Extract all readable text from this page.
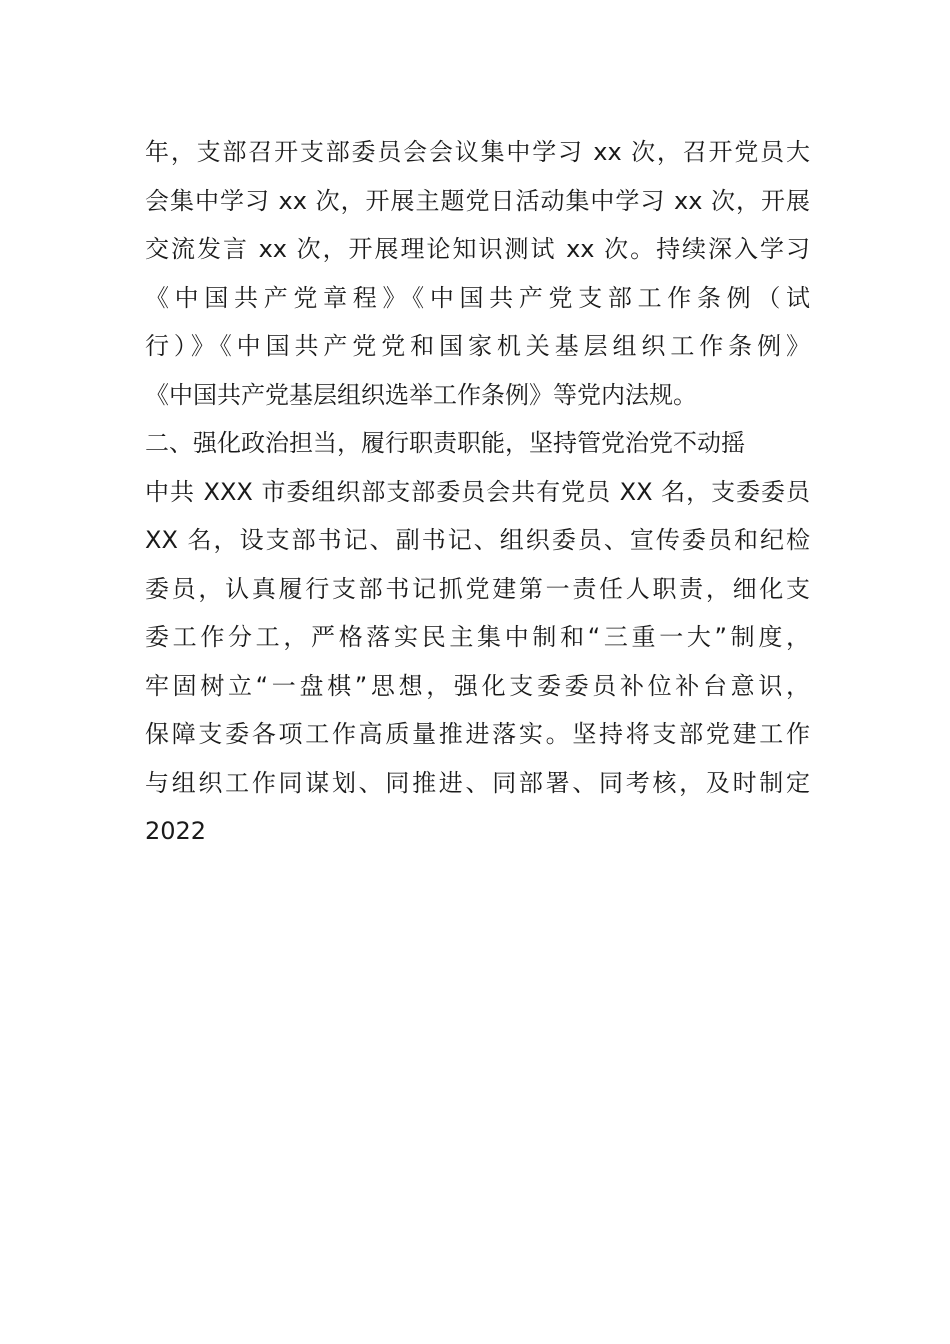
年，支部召开支部委员会会议集中学习 xx 次，召开党员大
会集中学习 xx 次，开展主题党日活动集中学习 xx 次，开展
交流发言 xx 次，开展理论知识测试 xx 次。持续深入学习
《中国共产党章程》《中国共产党支部工作条例（试
行）》《中国共产党党和国家机关基层组织工作条例》
《中国共产党基层组织选举工作条例》等党内法规。
二、强化政治担当，履行职责职能，坚持管党治党不动摇
中共 XXX 市委组织部支部委员会共有党员 XX 名，支委委员
XX 名，设支部书记、副书记、组织委员、宣传委员和纪检
委员，认真履行支部书记抓党建第一责任人职责，细化支
委工作分工，严格落实民主集中制和“三重一大”制度，
牢固树立“一盘棋”思想，强化支委委员补位补台意识，
保障支委各项工作高质量推进落实。坚持将支部党建工作
与组织工作同谋划、同推进、同部署、同考核，及时制定
2022
